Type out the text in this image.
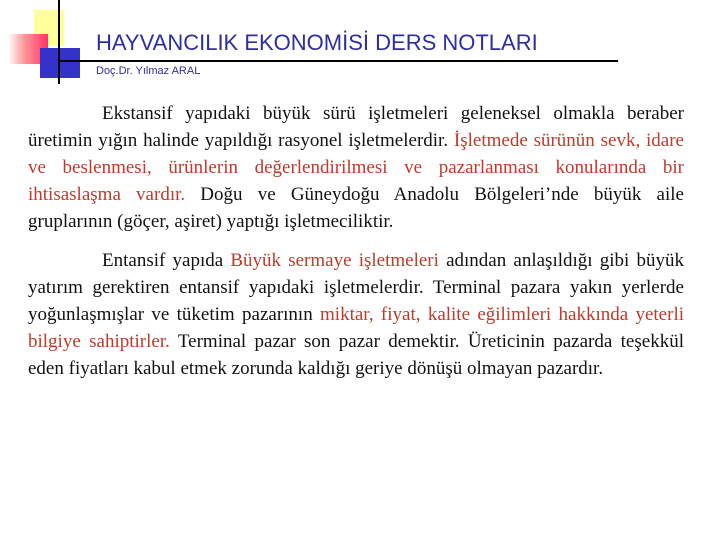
HAYVANCILIK EKONOMİSİ DERS NOTLARI
Doç.Dr. Yılmaz ARAL

Ekstansif yapıdaki büyük sürü işletmeleri geleneksel olmakla beraber üretimin yığın halinde yapıldığı rasyonel işletmelerdir. İşletmede sürünün sevk, idare ve beslenmesi, ürünlerin değerlendirilmesi ve pazarlanması konularında bir ihtisaslaşma vardır. Doğu ve Güneydoğu Anadolu Bölgeleri’nde büyük aile gruplarının (göçer, aşiret) yaptığı işletmeciliktir.

Entansif yapıda Büyük sermaye işletmeleri adından anlaşıldığı gibi büyük yatırım gerektiren entansif yapıdaki işletmelerdir. Terminal pazara yakın yerlerde yoğunlaşmışlar ve tüketim pazarının miktar, fiyat, kalite eğilimleri hakkında yeterli bilgiye sahiptirler. Terminal pazar son pazar demektir. Üreticinin pazarda teşekkül eden fiyatları kabul etmek zorunda kaldığı geriye dönüşü olmayan pazardır.
